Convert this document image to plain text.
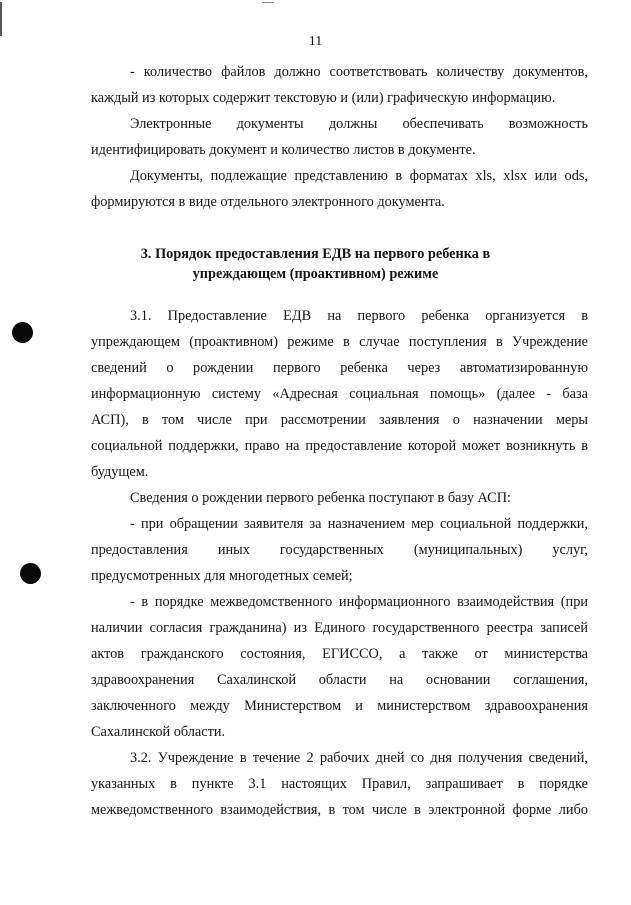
11
- количество файлов должно соответствовать количеству документов,
каждый из которых содержит текстовую и (или) графическую информацию.
Электронные документы должны обеспечивать возможность
идентифицировать документ и количество листов в документе.
Документы, подлежащие представлению в форматах xls, xlsx или ods,
формируются в виде отдельного электронного документа.
3. Порядок предоставления ЕДВ на первого ребенка в
упреждающем (проактивном) режиме
3.1. Предоставление ЕДВ на первого ребенка организуется в
упреждающем (проактивном) режиме в случае поступления в Учреждение
сведений о рождении первого ребенка через автоматизированную
информационную систему «Адресная социальная помощь» (далее - база
АСП), в том числе при рассмотрении заявления о назначении меры
социальной поддержки, право на предоставление которой может возникнуть в
будущем.
Сведения о рождении первого ребенка поступают в базу АСП:
- при обращении заявителя за назначением мер социальной поддержки,
предоставления иных государственных (муниципальных) услуг,
предусмотренных для многодетных семей;
- в порядке межведомственного информационного взаимодействия (при
наличии согласия гражданина) из Единого государственного реестра записей
актов гражданского состояния, ЕГИССО, а также от министерства
здравоохранения Сахалинской области на основании соглашения,
заключенного между Министерством и министерством здравоохранения
Сахалинской области.
3.2. Учреждение в течение 2 рабочих дней со дня получения сведений,
указанных в пункте 3.1 настоящих Правил, запрашивает в порядке
межведомственного взаимодействия, в том числе в электронной форме либо
